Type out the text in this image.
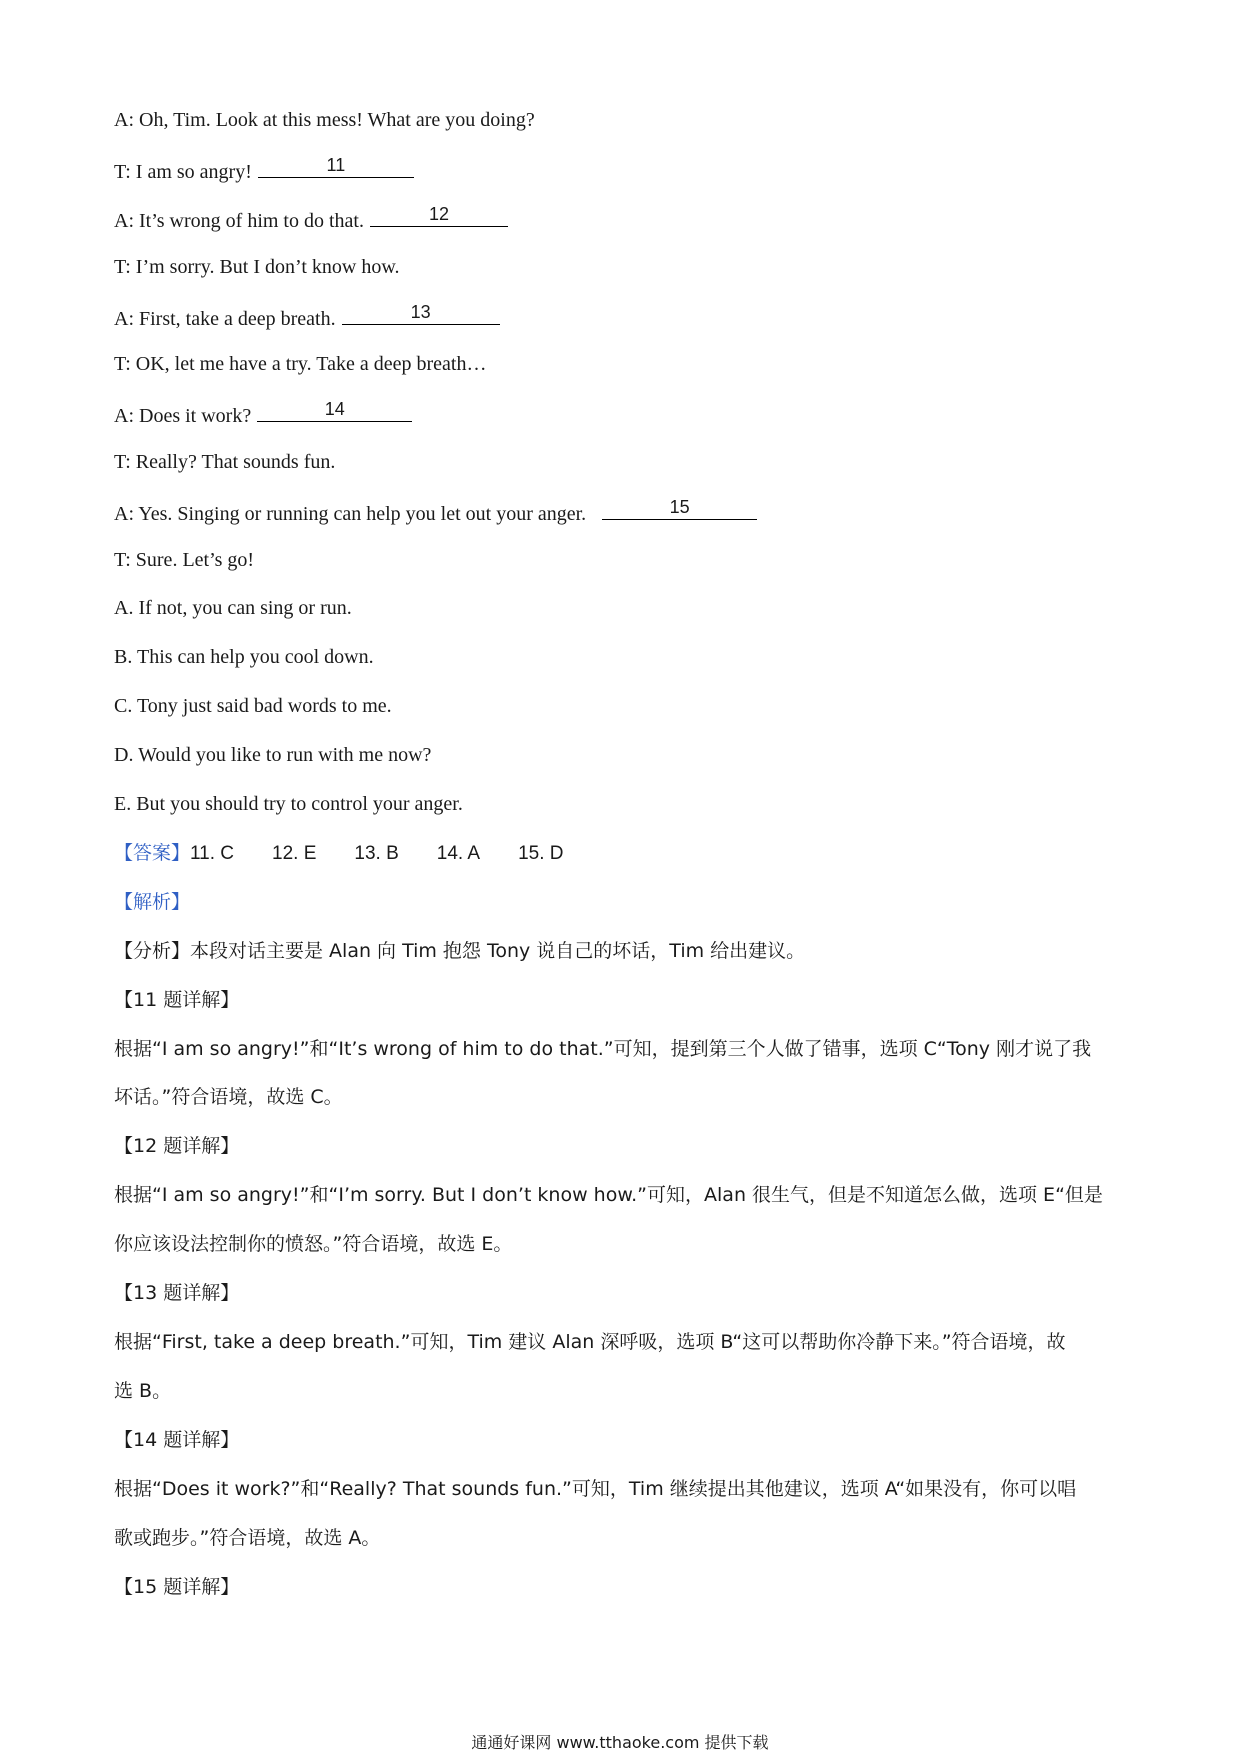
A: Oh, Tim. Look at this mess! What are you doing?
T: I am so angry!	11
A: It’s wrong of him to do that.	12
T: I’m sorry. But I don’t know how.
A: First, take a deep breath.	13
T: OK, let me have a try. Take a deep breath…
A: Does it work?	14
T: Really? That sounds fun.
A: Yes. Singing or running can help you let out your anger.	15
T: Sure. Let’s go!
A. If not, you can sing or run.
B. This can help you cool down.
C. Tony just said bad words to me.
D. Would you like to run with me now?
E. But you should try to control your anger.
【答案】11. C 12. E 13. B 14. A 15. D
【解析】
【分析】本段对话主要是 Alan 向 Tim 抱怨 Tony 说自己的坏话，Tim 给出建议。
【11 题详解】
根据“I am so angry!”和“It’s wrong of him to do that.”可知，提到第三个人做了错事，选项 C“Tony 刚才说了我
坏话。”符合语境，故选 C。
【12 题详解】
根据“I am so angry!”和“I’m sorry. But I don’t know how.”可知，Alan 很生气，但是不知道怎么做，选项 E“但是
你应该设法控制你的愤怒。”符合语境，故选 E。
【13 题详解】
根据“First, take a deep breath.”可知，Tim 建议 Alan 深呼吸，选项 B“这可以帮助你冷静下来。”符合语境，故
选 B。
【14 题详解】
根据“Does it work?”和“Really? That sounds fun.”可知，Tim 继续提出其他建议，选项 A“如果没有，你可以唱
歌或跑步。”符合语境，故选 A。
【15 题详解】
通通好课网 www.tthaoke.com 提供下载
